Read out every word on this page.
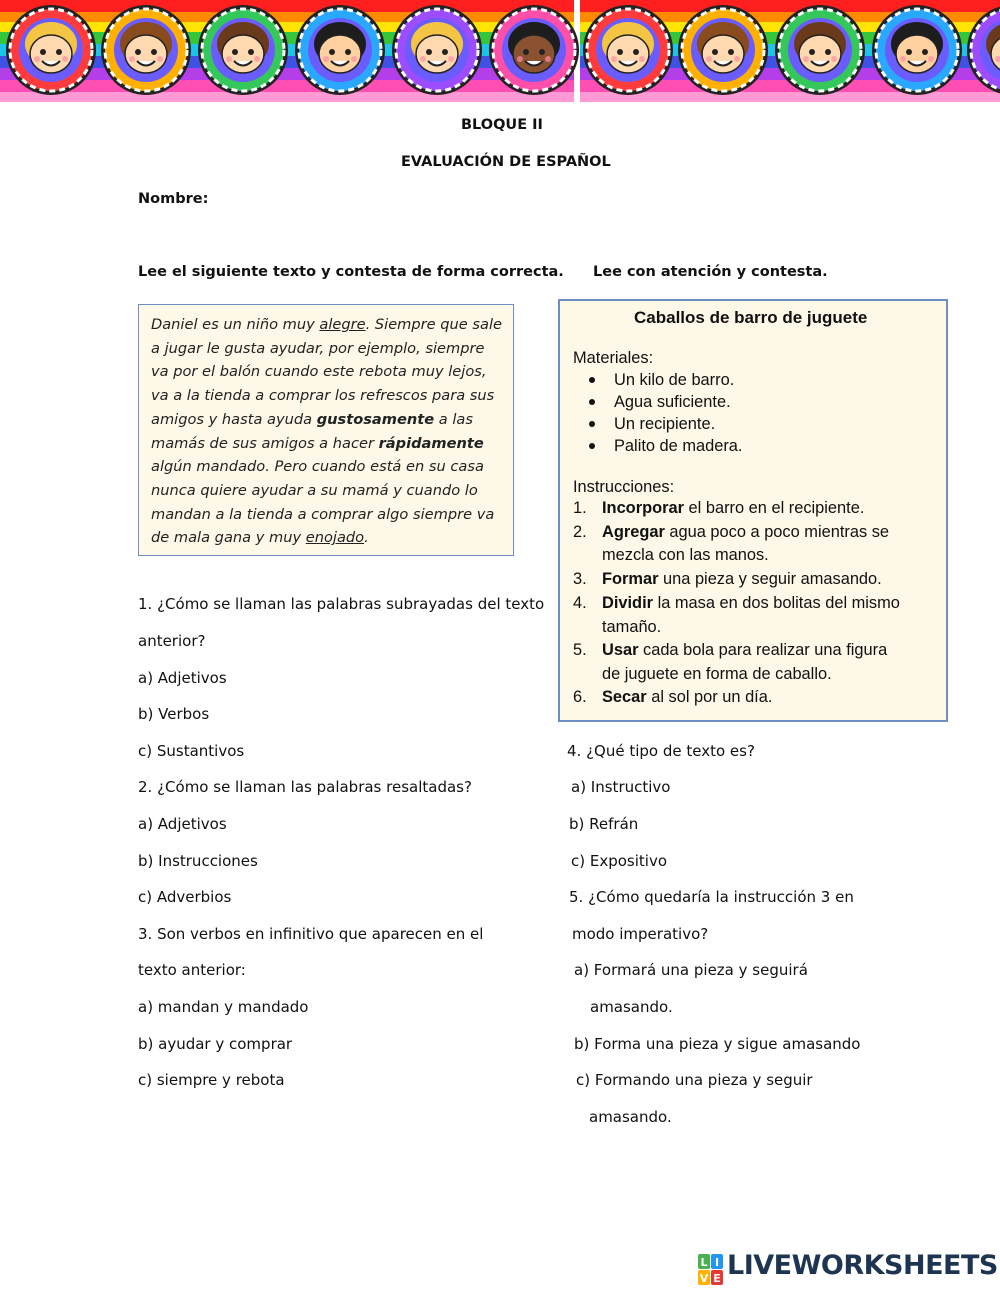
BLOQUE II
EVALUACIÓN DE ESPAÑOL
Nombre:
Lee el siguiente texto y contesta de forma correcta. Lee con atención y contesta.
Daniel es un niño muy alegre. Siempre que sale a jugar le gusta ayudar, por ejemplo, siempre va por el balón cuando este rebota muy lejos, va a la tienda a comprar los refrescos para sus amigos y hasta ayuda gustosamente a las mamás de sus amigos a hacer rápidamente algún mandado. Pero cuando está en su casa nunca quiere ayudar a su mamá y cuando lo mandan a la tienda a comprar algo siempre va de mala gana y muy enojado.
Caballos de barro de juguete
Materiales:
Un kilo de barro.
Agua suficiente.
Un recipiente.
Palito de madera.
Instrucciones:
1. Incorporar el barro en el recipiente.
2. Agregar agua poco a poco mientras se
mezcla con las manos.
3. Formar una pieza y seguir amasando.
4. Dividir la masa en dos bolitas del mismo
tamaño.
5. Usar cada bola para realizar una figura
de juguete en forma de caballo.
6. Secar al sol por un día.
1. ¿Cómo se llaman las palabras subrayadas del texto
anterior?
a) Adjetivos
b) Verbos
c) Sustantivos
2. ¿Cómo se llaman las palabras resaltadas?
a) Adjetivos
b) Instrucciones
c) Adverbios
3. Son verbos en infinitivo que aparecen en el
texto anterior:
a) mandan y mandado
b) ayudar y comprar
c) siempre y rebota
4. ¿Qué tipo de texto es?
a) Instructivo
b) Refrán
c) Expositivo
5. ¿Cómo quedaría la instrucción 3 en
modo imperativo?
a) Formará una pieza y seguirá
amasando.
b) Forma una pieza y sigue amasando
c) Formando una pieza y seguir
amasando.
L I
V E LIVEWORKSHEETS
